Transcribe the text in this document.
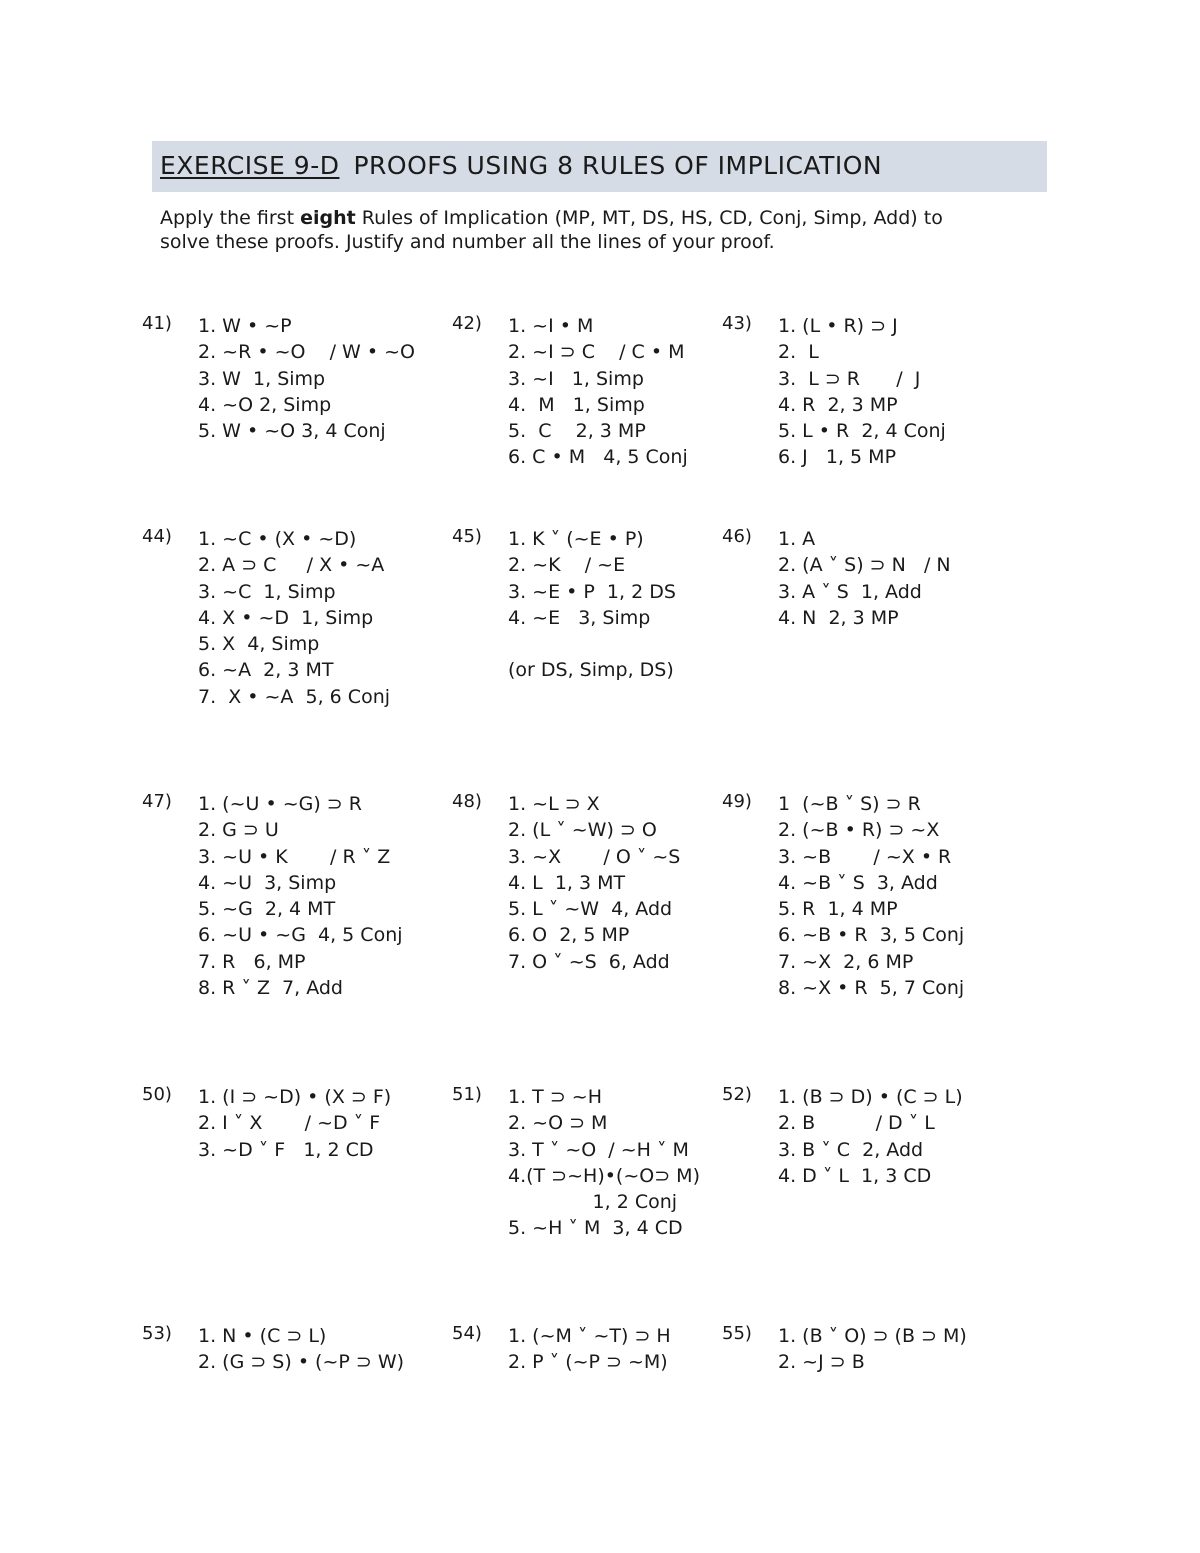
EXERCISE 9-D PROOFS USING 8 RULES OF IMPLICATION
Apply the first eight Rules of Implication (MP, MT, DS, HS, CD, Conj, Simp, Add) to
solve these proofs. Justify and number all the lines of your proof.
41) 1. W • ~P
2. ~R • ~O    / W • ~O
3. W  1, Simp
4. ~O 2, Simp
5. W • ~O 3, 4 Conj
42) 1. ~I • M
2. ~I ⊃ C    / C • M
3. ~I   1, Simp
4.  M   1, Simp
5.  C    2, 3 MP
6. C • M   4, 5 Conj
43) 1. (L • R) ⊃ J
2.  L
3.  L ⊃ R      /  J
4. R  2, 3 MP
5. L • R  2, 4 Conj
6. J   1, 5 MP
44) 1. ~C • (X • ~D)
2. A ⊃ C     / X • ~A
3. ~C  1, Simp
4. X • ~D  1, Simp
5. X  4, Simp
6. ~A  2, 3 MT
7.  X • ~A  5, 6 Conj
45) 1. K ˅ (~E • P)
2. ~K    / ~E
3. ~E • P  1, 2 DS
4. ~E   3, Simp
(or DS, Simp, DS)
46) 1. A
2. (A ˅ S) ⊃ N   / N
3. A ˅ S  1, Add
4. N  2, 3 MP
47) 1. (~U • ~G) ⊃ R
2. G ⊃ U
3. ~U • K       / R ˅ Z
4. ~U  3, Simp
5. ~G  2, 4 MT
6. ~U • ~G  4, 5 Conj
7. R   6, MP
8. R ˅ Z  7, Add
48) 1. ~L ⊃ X
2. (L ˅ ~W) ⊃ O
3. ~X       / O ˅ ~S
4. L  1, 3 MT
5. L ˅ ~W  4, Add
6. O  2, 5 MP
7. O ˅ ~S  6, Add
49) 1  (~B ˅ S) ⊃ R
2. (~B • R) ⊃ ~X
3. ~B       / ~X • R
4. ~B ˅ S  3, Add
5. R  1, 4 MP
6. ~B • R  3, 5 Conj
7. ~X  2, 6 MP
8. ~X • R  5, 7 Conj
50) 1. (I ⊃ ~D) • (X ⊃ F)
2. I ˅ X       / ~D ˅ F
3. ~D ˅ F   1, 2 CD
51) 1. T ⊃ ~H
2. ~O ⊃ M
3. T ˅ ~O  / ~H ˅ M
4.(T ⊃~H)•(~O⊃ M)
1, 2 Conj
5. ~H ˅ M  3, 4 CD
52) 1. (B ⊃ D) • (C ⊃ L)
2. B          / D ˅ L
3. B ˅ C  2, Add
4. D ˅ L  1, 3 CD
53) 1. N • (C ⊃ L)
2. (G ⊃ S) • (~P ⊃ W)
54) 1. (~M ˅ ~T) ⊃ H
2. P ˅ (~P ⊃ ~M)
55) 1. (B ˅ O) ⊃ (B ⊃ M)
2. ~J ⊃ B
